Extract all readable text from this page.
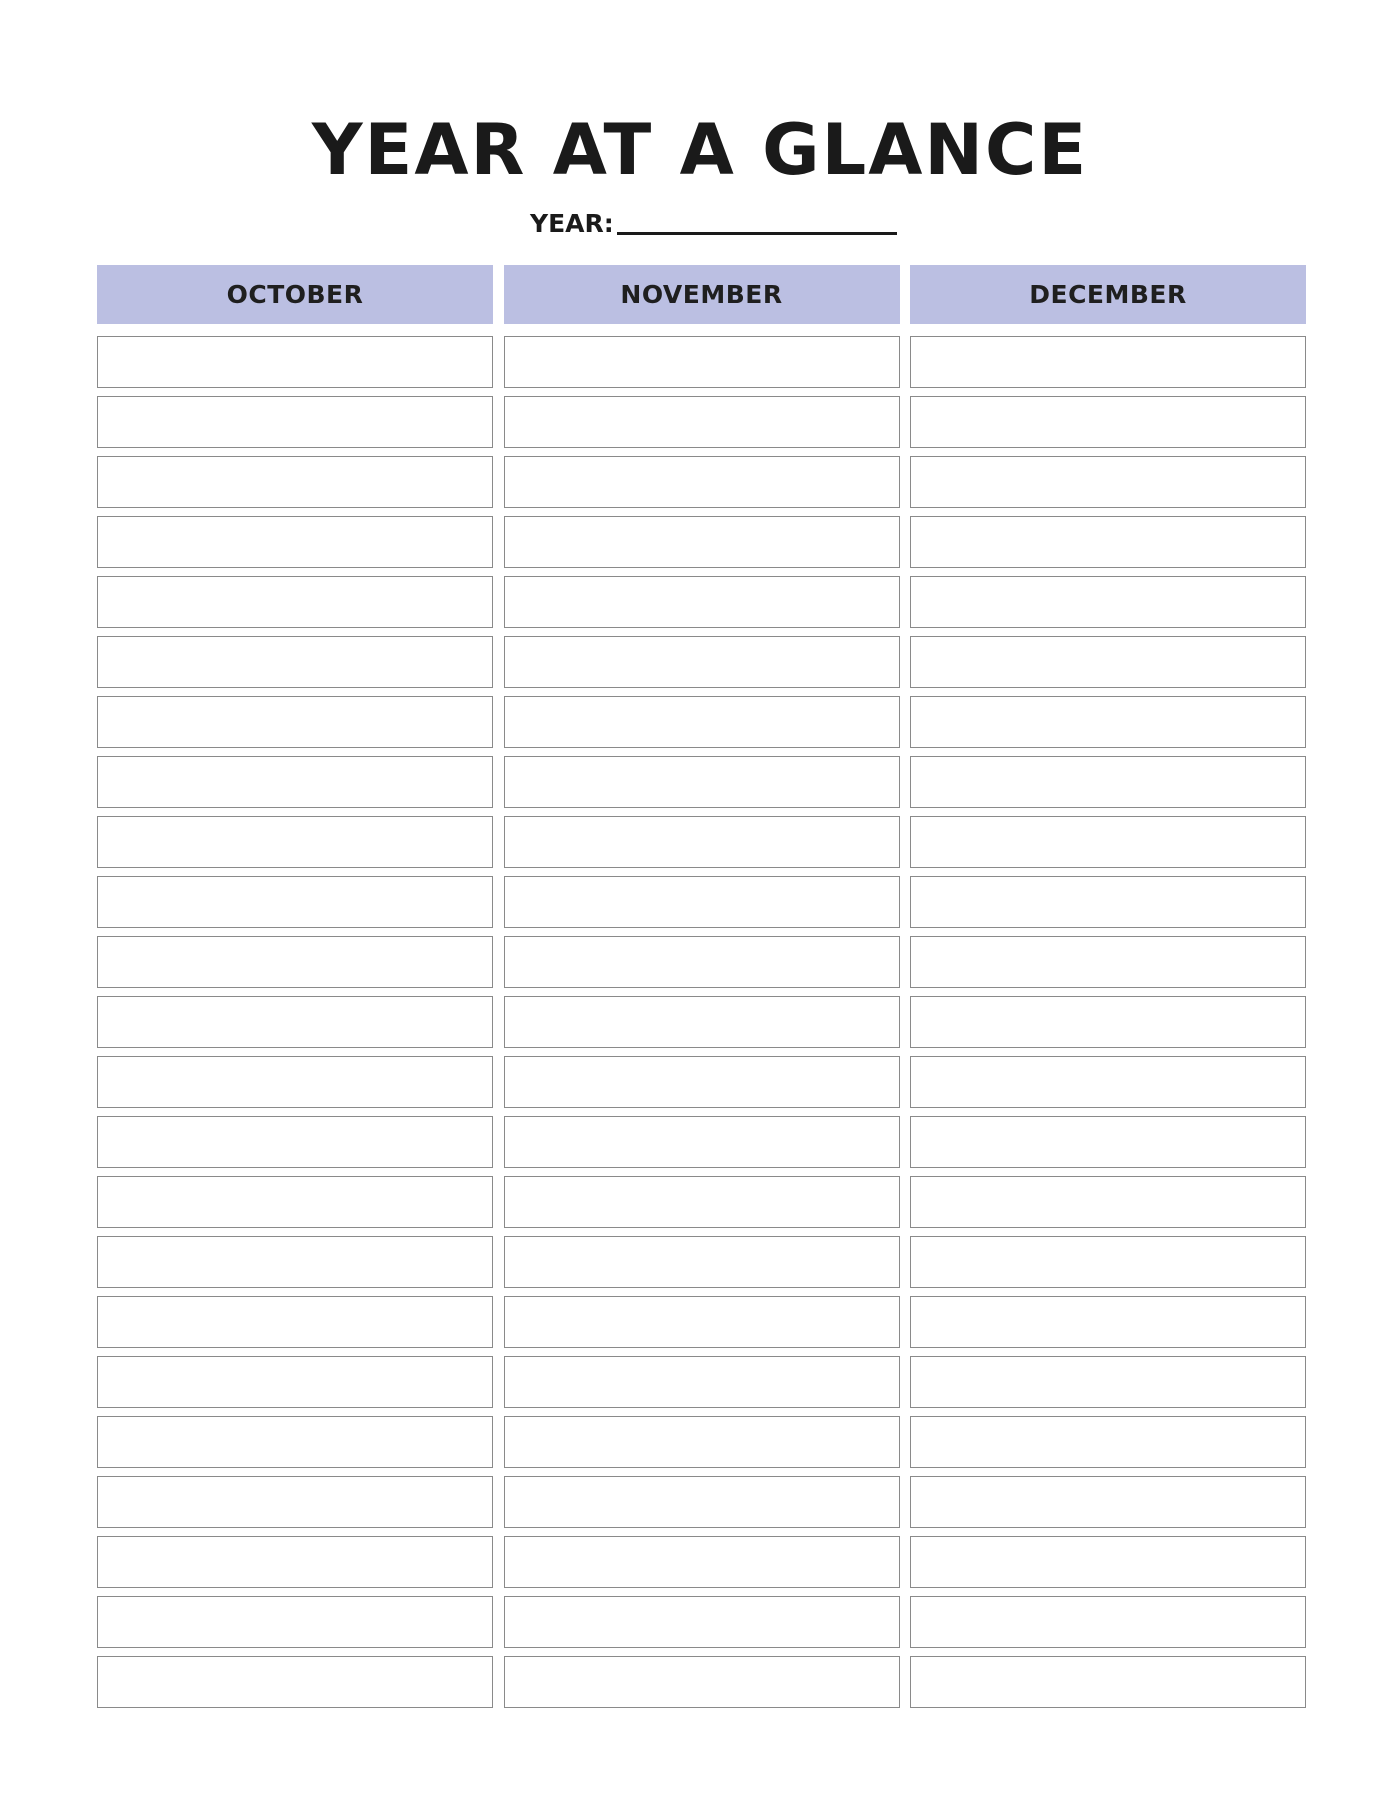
YEAR AT A GLANCE
YEAR:
OCTOBER	NOVEMBER	DECEMBER
